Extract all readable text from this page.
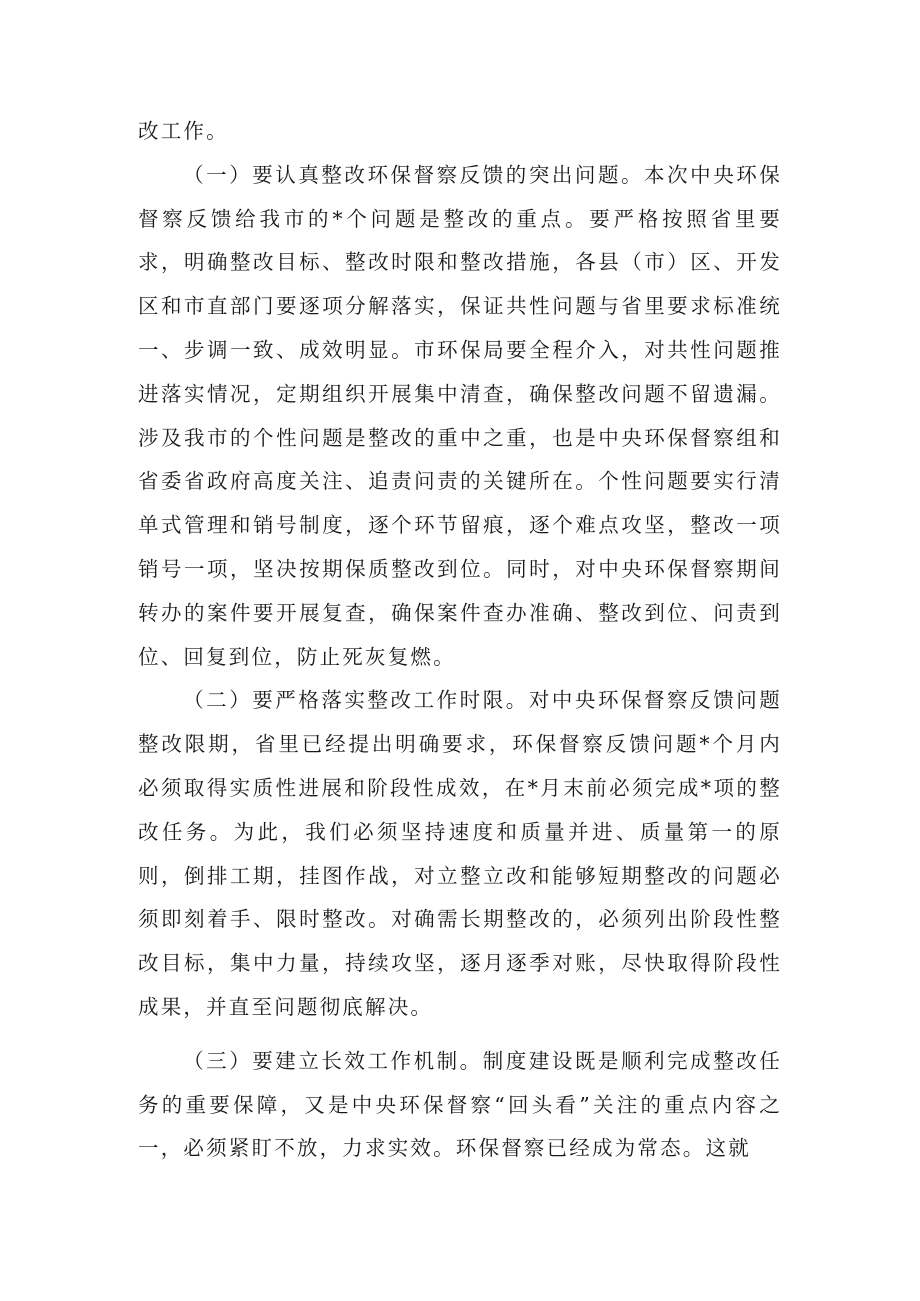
改工作。

（一）要认真整改环保督察反馈的突出问题。本次中央环保督察反馈给我市的*个问题是整改的重点。要严格按照省里要求，明确整改目标、整改时限和整改措施，各县（市）区、开发区和市直部门要逐项分解落实，保证共性问题与省里要求标准统一、步调一致、成效明显。市环保局要全程介入，对共性问题推进落实情况，定期组织开展集中清查，确保整改问题不留遗漏。涉及我市的个性问题是整改的重中之重，也是中央环保督察组和省委省政府高度关注、追责问责的关键所在。个性问题要实行清单式管理和销号制度，逐个环节留痕，逐个难点攻坚，整改一项销号一项，坚决按期保质整改到位。同时，对中央环保督察期间转办的案件要开展复查，确保案件查办准确、整改到位、问责到位、回复到位，防止死灰复燃。

（二）要严格落实整改工作时限。对中央环保督察反馈问题整改限期，省里已经提出明确要求，环保督察反馈问题*个月内必须取得实质性进展和阶段性成效，在*月末前必须完成*项的整改任务。为此，我们必须坚持速度和质量并进、质量第一的原则，倒排工期，挂图作战，对立整立改和能够短期整改的问题必须即刻着手、限时整改。对确需长期整改的，必须列出阶段性整改目标，集中力量，持续攻坚，逐月逐季对账，尽快取得阶段性成果，并直至问题彻底解决。

（三）要建立长效工作机制。制度建设既是顺利完成整改任务的重要保障，又是中央环保督察“回头看”关注的重点内容之一，必须紧盯不放，力求实效。环保督察已经成为常态。这就
